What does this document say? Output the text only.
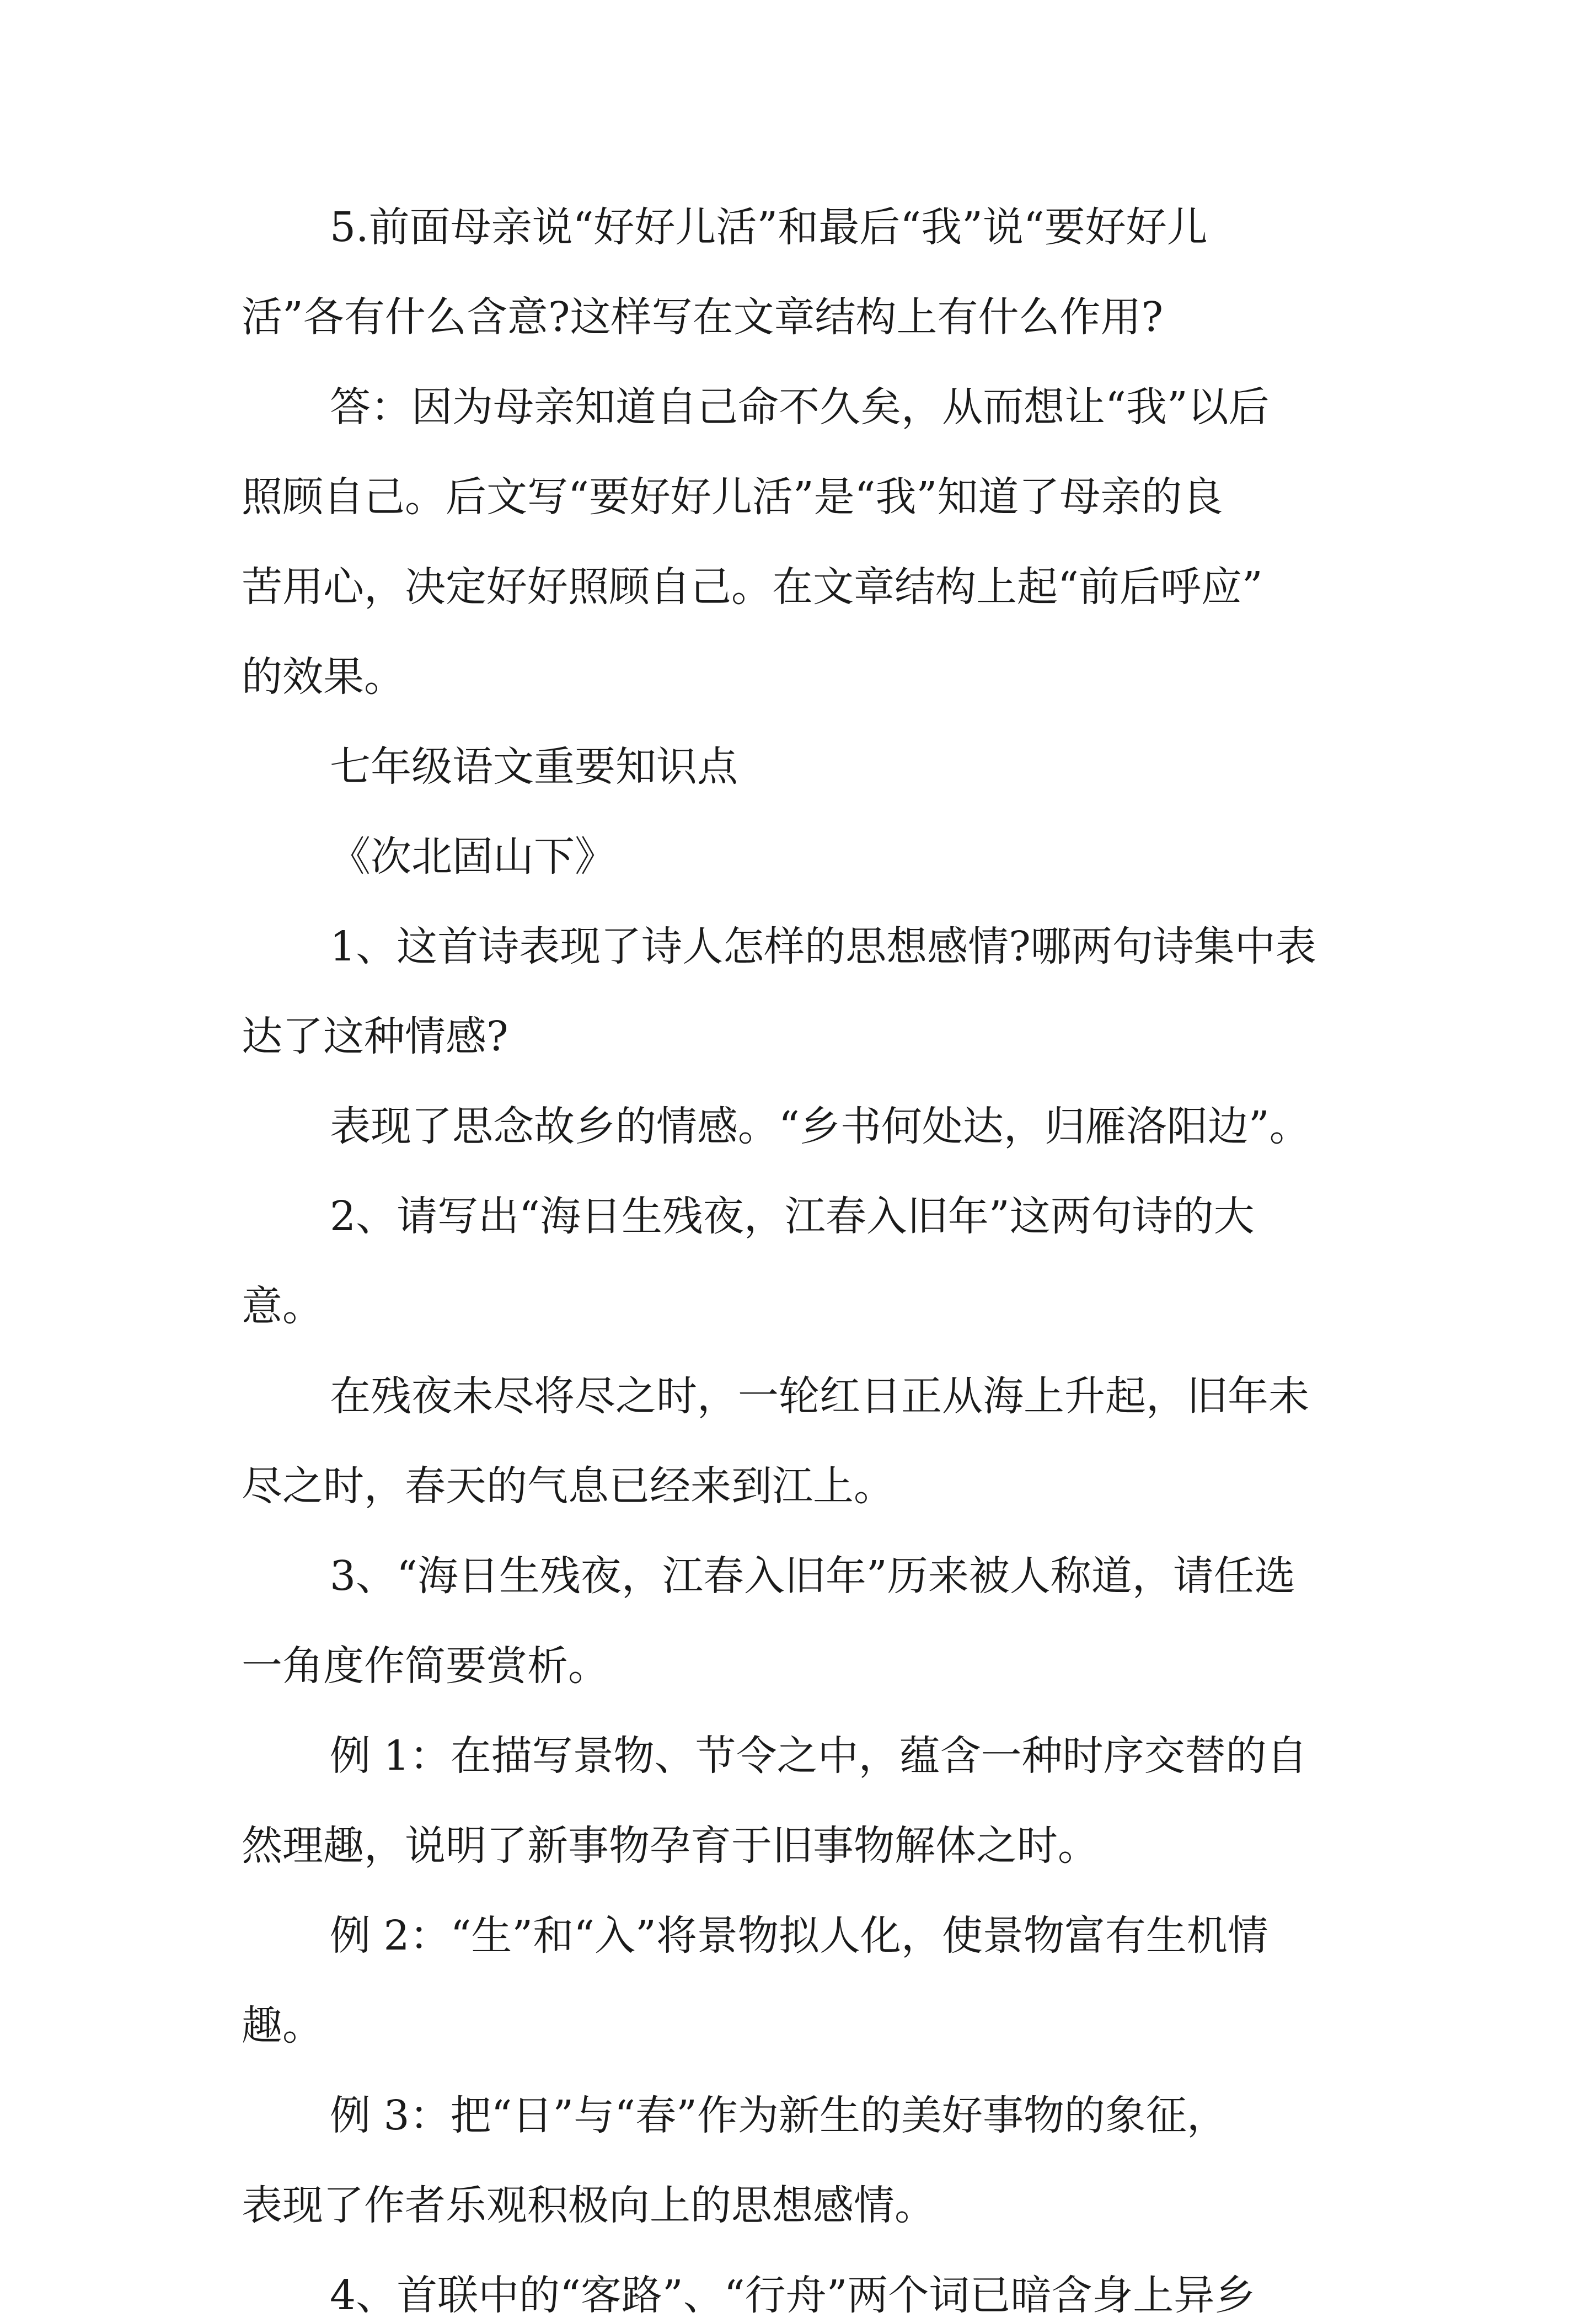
5.前面母亲说“好好儿活”和最后“我”说“要好好儿
活”各有什么含意?这样写在文章结构上有什么作用?
答：因为母亲知道自己命不久矣，从而想让“我”以后
照顾自己。后文写“要好好儿活”是“我”知道了母亲的良
苦用心，决定好好照顾自己。在文章结构上起“前后呼应”
的效果。
七年级语文重要知识点
《次北固山下》
1、这首诗表现了诗人怎样的思想感情?哪两句诗集中表
达了这种情感?
表现了思念故乡的情感。“乡书何处达，归雁洛阳边”。
2、请写出“海日生残夜，江春入旧年”这两句诗的大
意。
在残夜未尽将尽之时，一轮红日正从海上升起，旧年未
尽之时，春天的气息已经来到江上。
3、“海日生残夜，江春入旧年”历来被人称道，请任选
一角度作简要赏析。
例 1：在描写景物、节令之中，蕴含一种时序交替的自
然理趣，说明了新事物孕育于旧事物解体之时。
例 2：“生”和“入”将景物拟人化，使景物富有生机情
趣。
例 3：把“日”与“春”作为新生的美好事物的象征，
表现了作者乐观积极向上的思想感情。
4、首联中的“客路”、“行舟”两个词已暗含身上异乡
